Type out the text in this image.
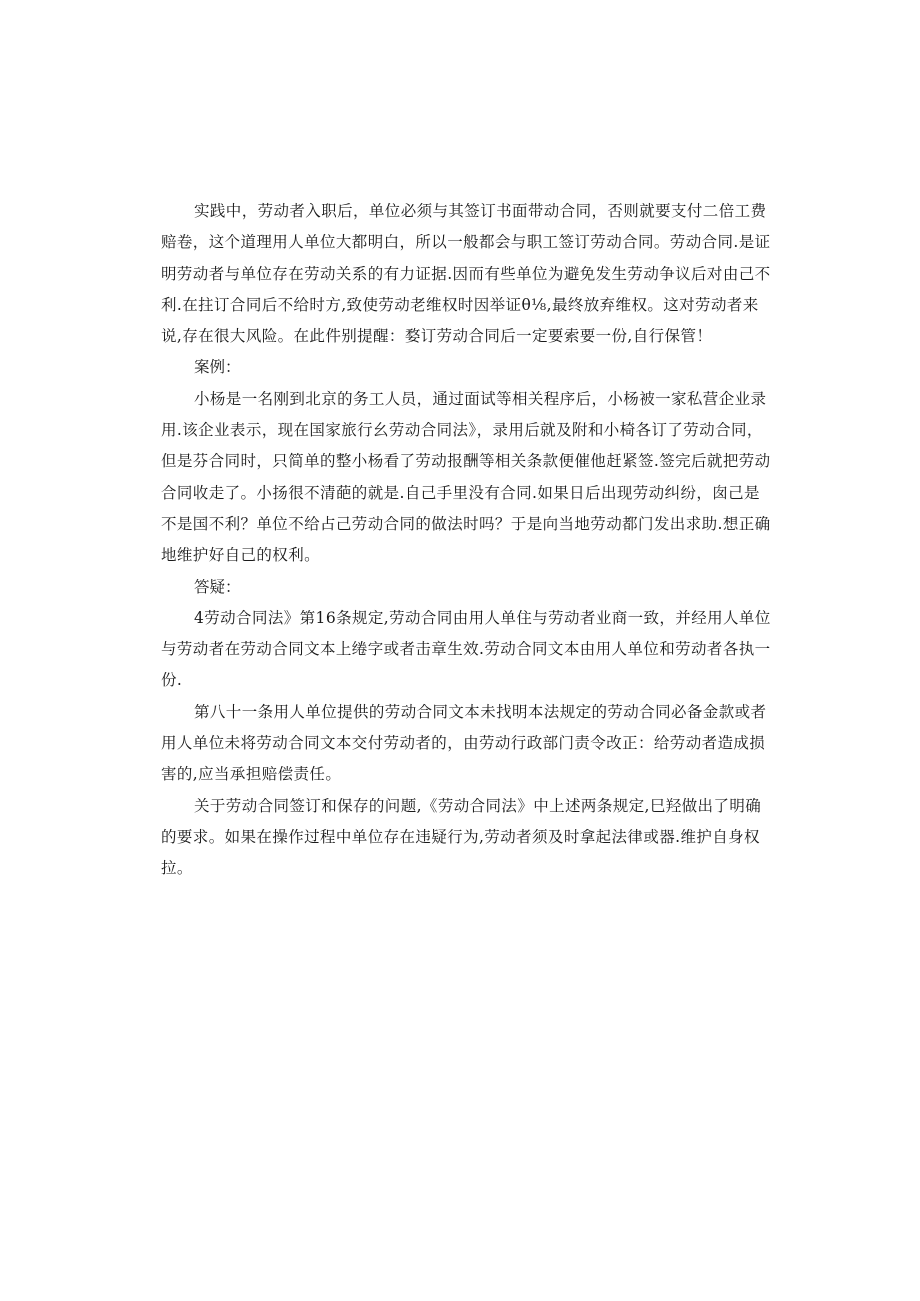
实践中，劳动者入职后，单位必须与其签订书面带动合同，否则就要支付二倍工费赔卷，这个道理用人单位大都明白，所以一般都会与职工签订劳动合同。劳动合同.是证明劳动者与单位存在劳动关系的有力证据.因而有些单位为避免发生劳动争议后对由己不利.在拄订合同后不给时方,致使劳动老维权时因举证θ⅛,最终放弃维权。这对劳动者来说,存在很大风险。在此件别提醒：婺订劳动合同后一定要索要一份,自行保管！

案例：

小杨是一名刚到北京的务工人员，通过面试等相关程序后，小杨被一家私营企业录用.该企业表示，现在国家旅行幺劳动合同法》，录用后就及附和小椅各订了劳动合同，但是芬合同时，只简单的整小杨看了劳动报酬等相关条款便催他赶紧签.签完后就把劳动合同收走了。小扬很不清葩的就是.自己手里没有合同.如果日后出现劳动纠纷，囱己是不是国不利？单位不给占己劳动合同的做法时吗？于是向当地劳动都门发出求助.想正确地维护好自己的权利。

答疑：

4劳动合同法》第16条规定,劳动合同由用人单住与劳动者业商一致，并经用人单位与劳动者在劳动合同文本上绻字或者击章生效.劳动合同文本由用人单位和劳动者各执一份.

第八十一条用人单位提供的劳动合同文本未找明本法规定的劳动合同必备金款或者用人单位未将劳动合同文本交付劳动者的，由劳动行政部门责令改正：给劳动者造成损害的,应当承担赔偿责任。

关于劳动合同签订和保存的问题,《劳动合同法》中上述两条规定,巳羟做出了明确的要求。如果在操作过程中单位存在违疑行为,劳动者须及时拿起法律或器.维护自身权拉。
